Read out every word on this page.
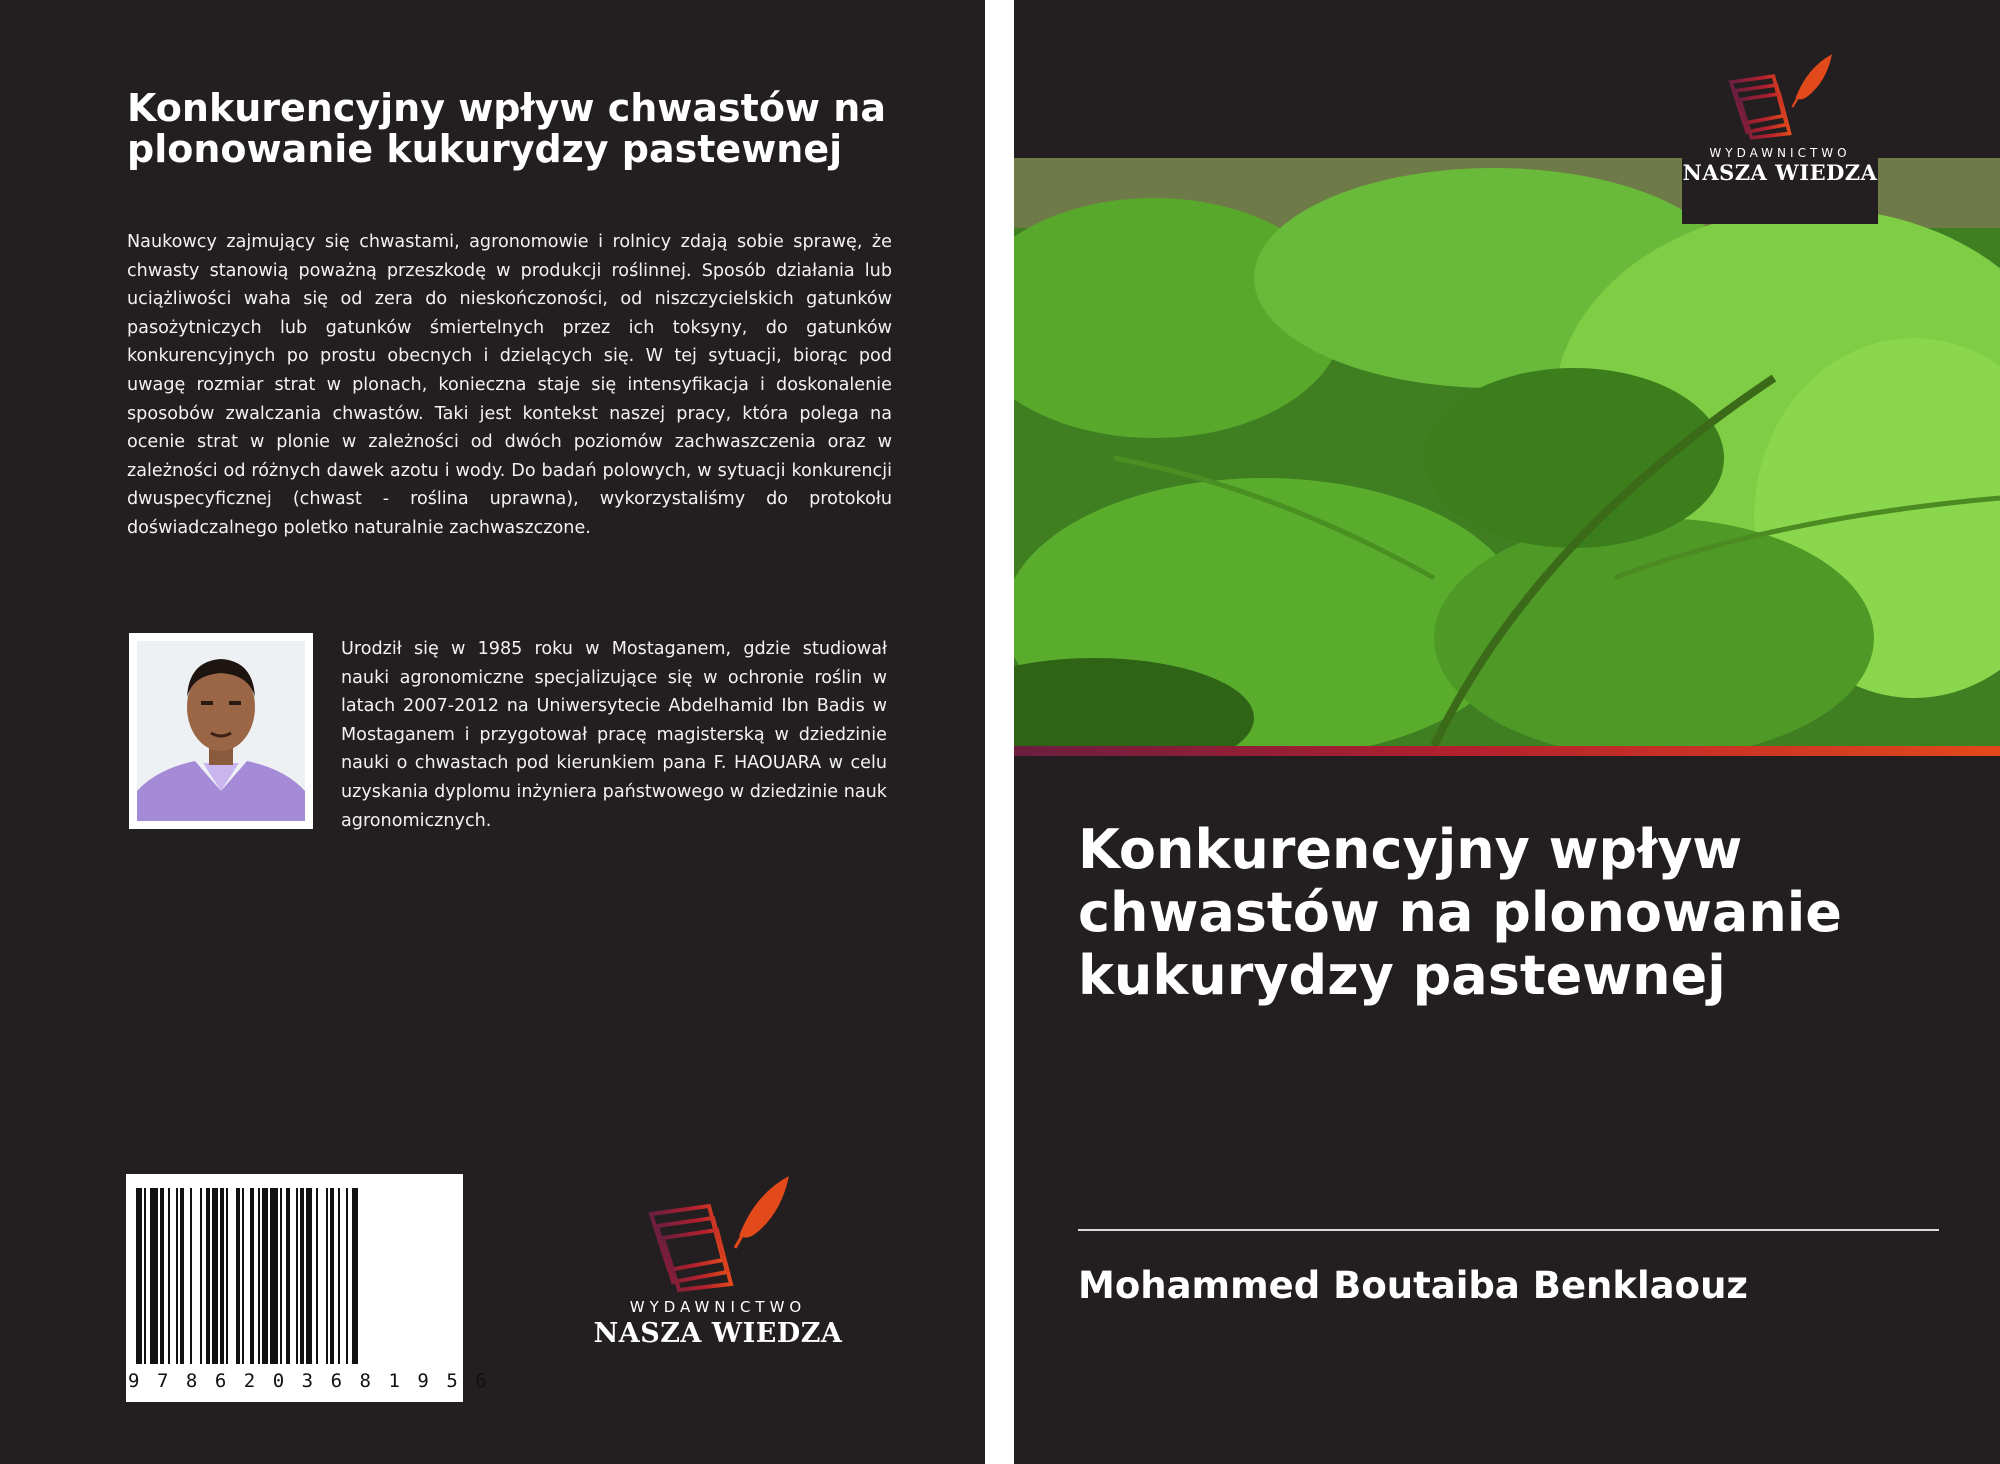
Konkurencyjny wpływ chwastów na plonowanie kukurydzy pastewnej

Naukowcy zajmujący się chwastami, agronomowie i rolnicy zdają sobie sprawę, że chwasty stanowią poważną przeszkodę w produkcji roślinnej. Sposób działania lub uciążliwości waha się od zera do nieskończoności, od niszczycielskich gatunków pasożytniczych lub gatunków śmiertelnych przez ich toksyny, do gatunków konkurencyjnych po prostu obecnych i dzielących się. W tej sytuacji, biorąc pod uwagę rozmiar strat w plonach, konieczna staje się intensyfikacja i doskonalenie sposobów zwalczania chwastów. Taki jest kontekst naszej pracy, która polega na ocenie strat w plonie w zależności od dwóch poziomów zachwaszczenia oraz w zależności od różnych dawek azotu i wody. Do badań polowych, w sytuacji konkurencji dwuspecyficznej (chwast - roślina uprawna), wykorzystaliśmy do protokołu doświadczalnego poletko naturalnie zachwaszczone.

Urodził się w 1985 roku w Mostaganem, gdzie studiował nauki agronomiczne specjalizujące się w ochronie roślin w latach 2007-2012 na Uniwersytecie Abdelhamid Ibn Badis w Mostaganem i przygotował pracę magisterską w dziedzinie nauki o chwastach pod kierunkiem pana F. HAOUARA w celu uzyskania dyplomu inżyniera państwowego w dziedzinie nauk agronomicznych.

9786203681956

WYDAWNICTWO

NASZA WIEDZA

WYDAWNICTWO

NASZA WIEDZA

Konkurencyjny wpływ chwastów na plonowanie kukurydzy pastewnej

Mohammed Boutaiba Benklaouz
